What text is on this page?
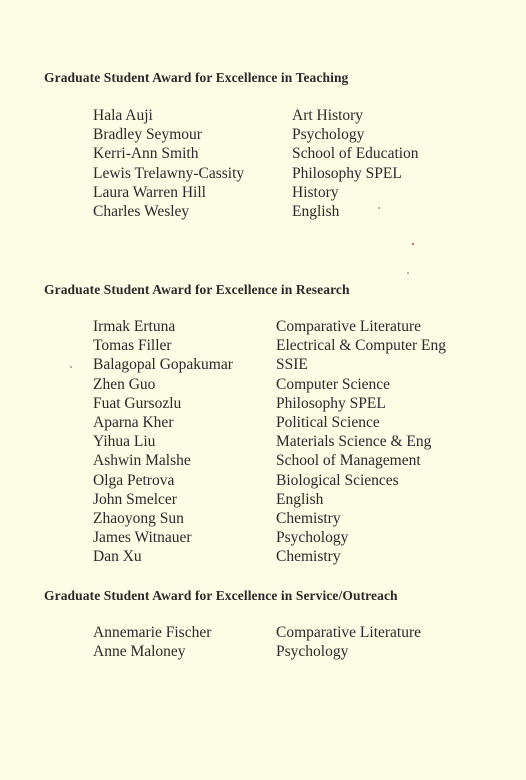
Graduate Student Award for Excellence in Teaching
Hala Auji	Art History
Bradley Seymour	Psychology
Kerri-Ann Smith	School of Education
Lewis Trelawny-Cassity	Philosophy SPEL
Laura Warren Hill	History
Charles Wesley	English
Graduate Student Award for Excellence in Research
Irmak Ertuna	Comparative Literature
Tomas Filler	Electrical & Computer Eng
Balagopal Gopakumar	SSIE
Zhen Guo	Computer Science
Fuat Gursozlu	Philosophy SPEL
Aparna Kher	Political Science
Yihua Liu	Materials Science & Eng
Ashwin Malshe	School of Management
Olga Petrova	Biological Sciences
John Smelcer	English
Zhaoyong Sun	Chemistry
James Witnauer	Psychology
Dan Xu	Chemistry
Graduate Student Award for Excellence in Service/Outreach
Annemarie Fischer	Comparative Literature
Anne Maloney	Psychology
